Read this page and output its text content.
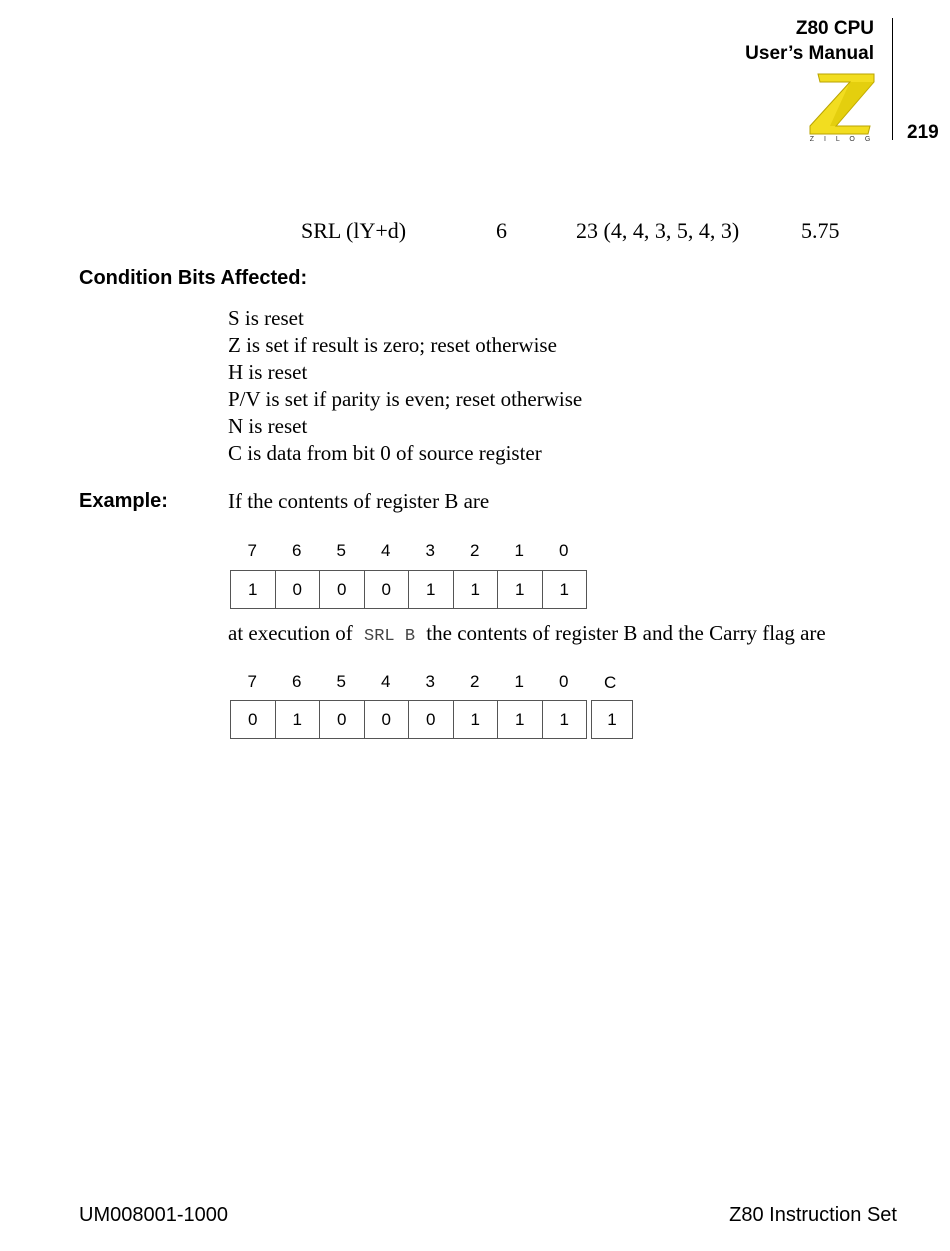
Z80 CPU
User’s Manual
219
Z I L O G
SRL (lY+d)	6	23 (4, 4, 3, 5, 4, 3)	5.75
Condition Bits Affected:
S is reset
Z is set if result is zero; reset otherwise
H is reset
P/V is set if parity is even; reset otherwise
N is reset
C is data from bit 0 of source register
Example:	If the contents of register B are
7	6	5	4	3	2	1	0
1	0	0	0	1	1	1	1
at execution of SRL B the contents of register B and the Carry flag are
7	6	5	4	3	2	1	0	C
0	1	0	0	0	1	1	1	1
UM008001-1000	Z80 Instruction Set
